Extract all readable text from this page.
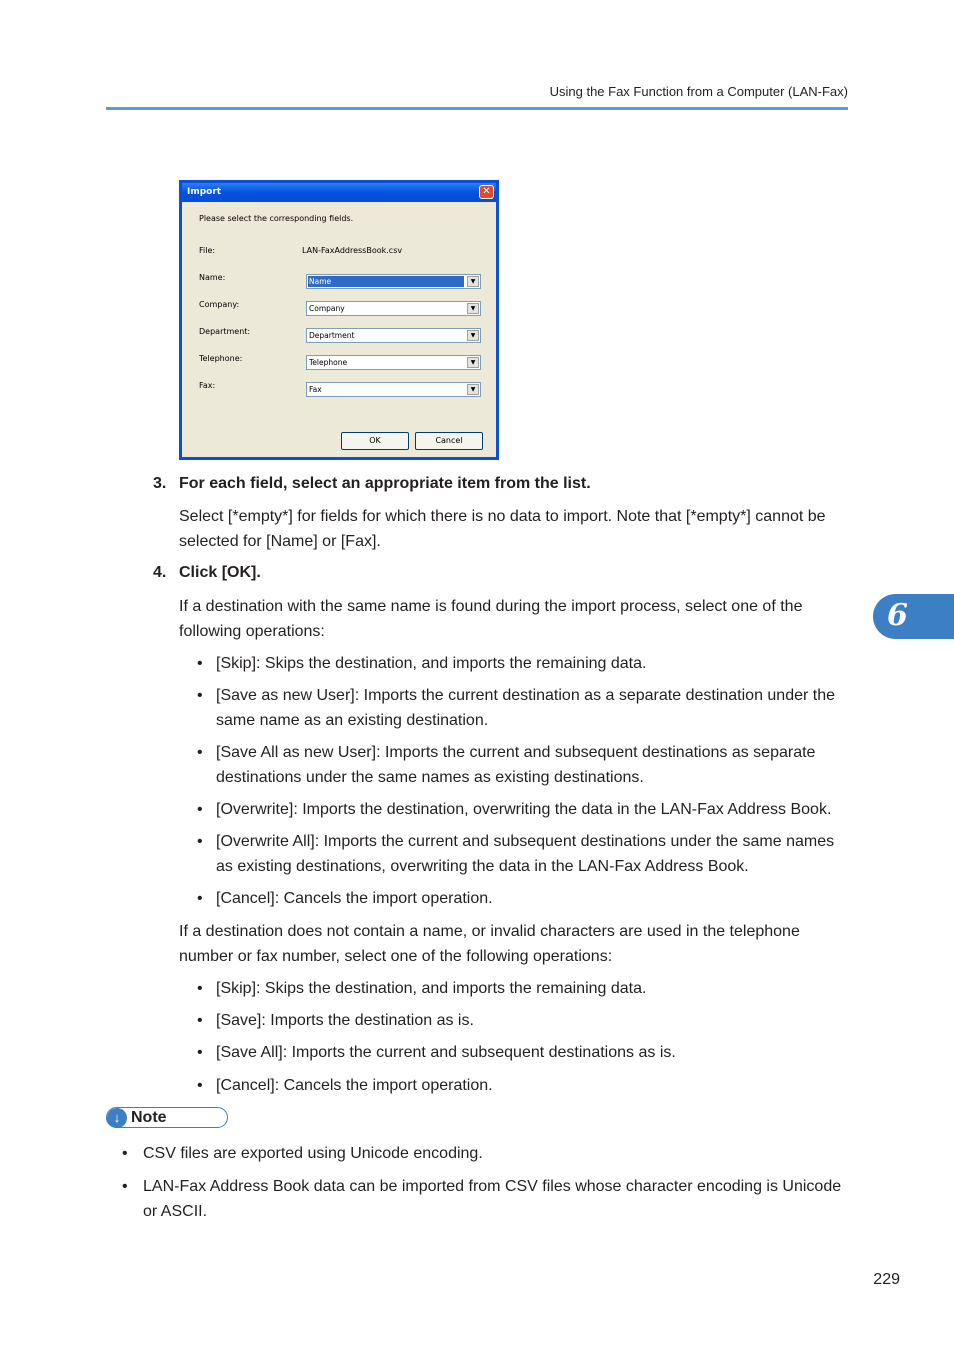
Using the Fax Function from a Computer (LAN-Fax)
6
Import	✕
Please select the corresponding fields.
File:	LAN-FaxAddressBook.csv
Name:	Name	▼
Company:	Company	▼
Department:	Department	▼
Telephone:	Telephone	▼
Fax:	Fax	▼
OK	Cancel
3. For each field, select an appropriate item from the list.
Select [*empty*] for fields for which there is no data to import. Note that [*empty*] cannot be selected for [Name] or [Fax].
4. Click [OK].
If a destination with the same name is found during the import process, select one of the following operations:
• [Skip]: Skips the destination, and imports the remaining data.
• [Save as new User]: Imports the current destination as a separate destination under the same name as an existing destination.
• [Save All as new User]: Imports the current and subsequent destinations as separate destinations under the same names as existing destinations.
• [Overwrite]: Imports the destination, overwriting the data in the LAN-Fax Address Book.
• [Overwrite All]: Imports the current and subsequent destinations under the same names as existing destinations, overwriting the data in the LAN-Fax Address Book.
• [Cancel]: Cancels the import operation.
If a destination does not contain a name, or invalid characters are used in the telephone number or fax number, select one of the following operations:
• [Skip]: Skips the destination, and imports the remaining data.
• [Save]: Imports the destination as is.
• [Save All]: Imports the current and subsequent destinations as is.
• [Cancel]: Cancels the import operation.
↓ Note
• CSV files are exported using Unicode encoding.
• LAN-Fax Address Book data can be imported from CSV files whose character encoding is Unicode or ASCII.
229
